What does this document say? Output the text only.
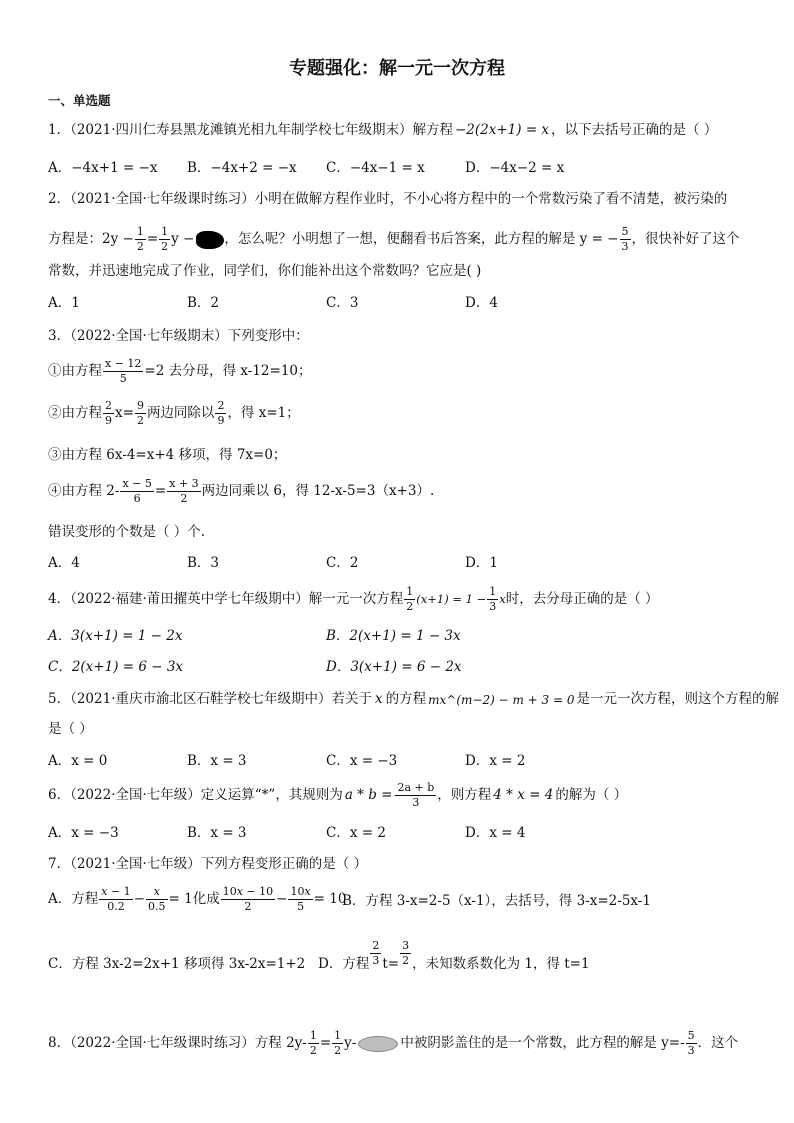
专题强化：解一元一次方程
一、单选题
1．（2021·四川仁寿县黑龙滩镇光相九年制学校七年级期末）解方程 −2(2x+1) = x ，以下去括号正确的是（ ）
A．−4x+1 = −x B．−4x+2 = −x C．−4x−1 = x	D．−4x−2 = x
2．（2021·全国·七年级课时练习）小明在做解方程作业时，不小心将方程中的一个常数污染了看不清楚，被污染的
方程是：$2y - \frac{1}{2} = \frac{1}{2}$ y − ，怎么呢？小明想了一想，便翻看书后答案，此方程的解是 y = − $\frac{5}{3}$ ，很快补好了这个
常数，并迅速地完成了作业，同学们，你们能补出这个常数吗？它应是( )
A．1	B．2	C．3	D．4
3．（2022·全国·七年级期末）下列变形中：
①由方程 $\frac{x - 12}{5} =2$ 去分母，得 x-12=10；
②由方程 $\frac{2}{9} x= \frac{9}{2}$ 两边同除以 $\frac{2}{9}$ ，得 x=1；
③由方程 6x-4=x+4 移项，得 7x=0；
④由方程 $2- \frac{x - 5}{6} = \frac{x + 3}{2}$ 两边同乘以 6，得 12-x-5=3（x+3）.
错误变形的个数是（ ）个.
A．4	B．3	C．2	D．1
4．（2022·福建·莆田擢英中学七年级期中）解一元一次方程 $\frac{1}{2} (x+1) = 1 - \frac{1}{3}$ x 时，去分母正确的是（ ）
A．3(x+1) = 1 − 2x	B．2(x+1) = 1 − 3x
C．2(x+1) = 6 − 3x	D．3(x+1) = 6 − 2x
5．（2021·重庆市渝北区石鞋学校七年级期中）若关于 x 的方程 mx^(m−2) − m + 3 = 0 是一元一次方程，则这个方程的解
是（ ）
A．x = 0	B．x = 3	C．x = −3	D．x = 2
6．（2022·全国·七年级）定义运算“*”，其规则为 $a * b = \frac{2a + b}{3}$ ，则方程 4 * x = 4 的解为（ ）
A．x = −3	B．x = 3	C．x = 2	D．x = 4
7．（2021·全国·七年级）下列方程变形正确的是（ ）
A．方程 $\frac{x - 1}{0.2} - \frac{x}{0.5} = 1$ 化成 $\frac{10x - 10}{2} - \frac{10x}{5} = 10$
B．方程 3-x=2-5（x-1），去括号，得 3-x=2-5x-1
C．方程 3x-2=2x+1 移项得 3x-2x=1+2 D．方程 $\frac{2}{3} t= \frac{3}{2}$ ，未知数系数化为 1，得 t=1
8．（2022·全国·七年级课时练习）方程 $2y- \frac{1}{2} = \frac{1}{2} y-$	中被阴影盖住的是一个常数，此方程的解是 $y=- \frac{5}{3}$ ．这个
